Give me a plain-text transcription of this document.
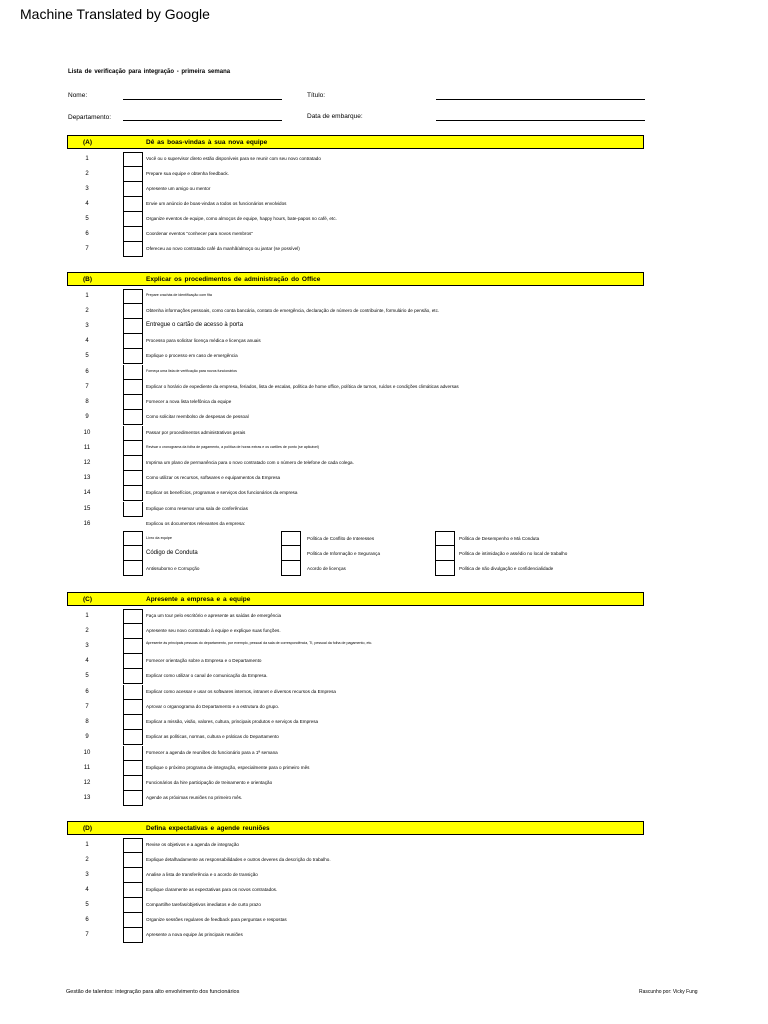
Machine Translated by Google
Lista de verificação para integração - primeira semana
Nome:	Título:
Departamento:	Data de embarque:
(A)	Dê as boas-vindas à sua nova equipe
1	Você ou o supervisor direto estão disponíveis para se reunir com seu novo contratado
2	Prepare sua equipe e obtenha feedback.
3	Apresente um amigo ou mentor
4	Envie um anúncio de boas-vindas a todos os funcionários envolvidos
5	Organize eventos de equipe, como almoços de equipe, happy hours, bate-papos no café, etc.
6	Coordenar eventos "conhecer para novos membros"
7	Ofereceu ao novo contratado café da manhã/almoço ou jantar (se possível)
(B)	Explicar os procedimentos de administração do Office
1	Prepare crachás de identificação com fita
2	Obtenha informações pessoais, como conta bancária, contato de emergência, declaração de número de contribuinte, formulário de pensão, etc.
3	Entregue o cartão de acesso à porta
4	Processo para solicitar licença médica e licenças anuais
5	Explique o processo em caso de emergência
6	Forneça uma lista de verificação para novos funcionários
7	Explicar o horário de expediente da empresa, feriados, lista de escalas, política de home office, política de turnos, ruídos e condições climáticas adversas
8	Fornecer a nova lista telefônica da equipe
9	Como solicitar reembolso de despesas de pessoal
10	Passar por procedimentos administrativos gerais
11	Revisar o cronograma da folha de pagamento, a política de horas extras e os cartões de ponto (se aplicável)
12	Imprima um plano de permanência para o novo contratado com o número de telefone de cada colega.
13	Como utilizar os recursos, softwares e equipamentos da Empresa
14	Explicar os benefícios, programas e serviços dos funcionários da empresa
15	Explique como reservar uma sala de conferências
16	Explicou os documentos relevantes da empresa:
Livro da equipe	Política de Conflito de Interesses	Política de Desempenho e Má Conduta
Código de Conduta	Política de Informação e Segurança	Política de intimidação e assédio no local de trabalho
Antissuborno e Corrupção	Acordo de licenças	Política de não divulgação e confidencialidade
(C)	Apresente a empresa e a equipe
1	Faça um tour pelo escritório e apresente as saídas de emergência
2	Apresente seu novo contratado à equipe e explique suas funções.
3	Apresente às principais pessoas do departamento, por exemplo, pessoal da sala de correspondência, TI, pessoal da folha de pagamento, etc.
4	Fornecer orientação sobre a Empresa e o Departamento
5	Explicar como utilizar o canal de comunicação da Empresa.
6	Explicar como acessar e usar os softwares internos, intranet e diversos recursos da Empresa
7	Aprovar o organograma do Departamento e a estrutura do grupo.
8	Explicar a missão, visão, valores, cultura, principais produtos e serviços da Empresa
9	Explicar as políticas, normas, cultura e práticas do Departamento
10	Fornecer a agenda de reuniões do funcionário para a 1ª semana
11	Explique o próximo programa de integração, especialmente para o primeiro mês
12	Funcionários da hire participação de treinamento e orientação
13	Agende as próximas reuniões no primeiro mês.
(D)	Defina expectativas e agende reuniões
1	Revise os objetivos e a agenda de integração
2	Explique detalhadamente as responsabilidades e outros deveres da descrição do trabalho.
3	Analise a lista de transferência e o acordo de transição
4	Explique claramente as expectativas para os novos contratados.
5	Compartilhe tarefas/objetivos imediatos e de curto prazo
6	Organize sessões regulares de feedback para perguntas e respostas
7	Apresente a nova equipe às principais reuniões
Gestão de talentos: integração para alto envolvimento dos funcionários	Rascunho por: Vicky Fung
